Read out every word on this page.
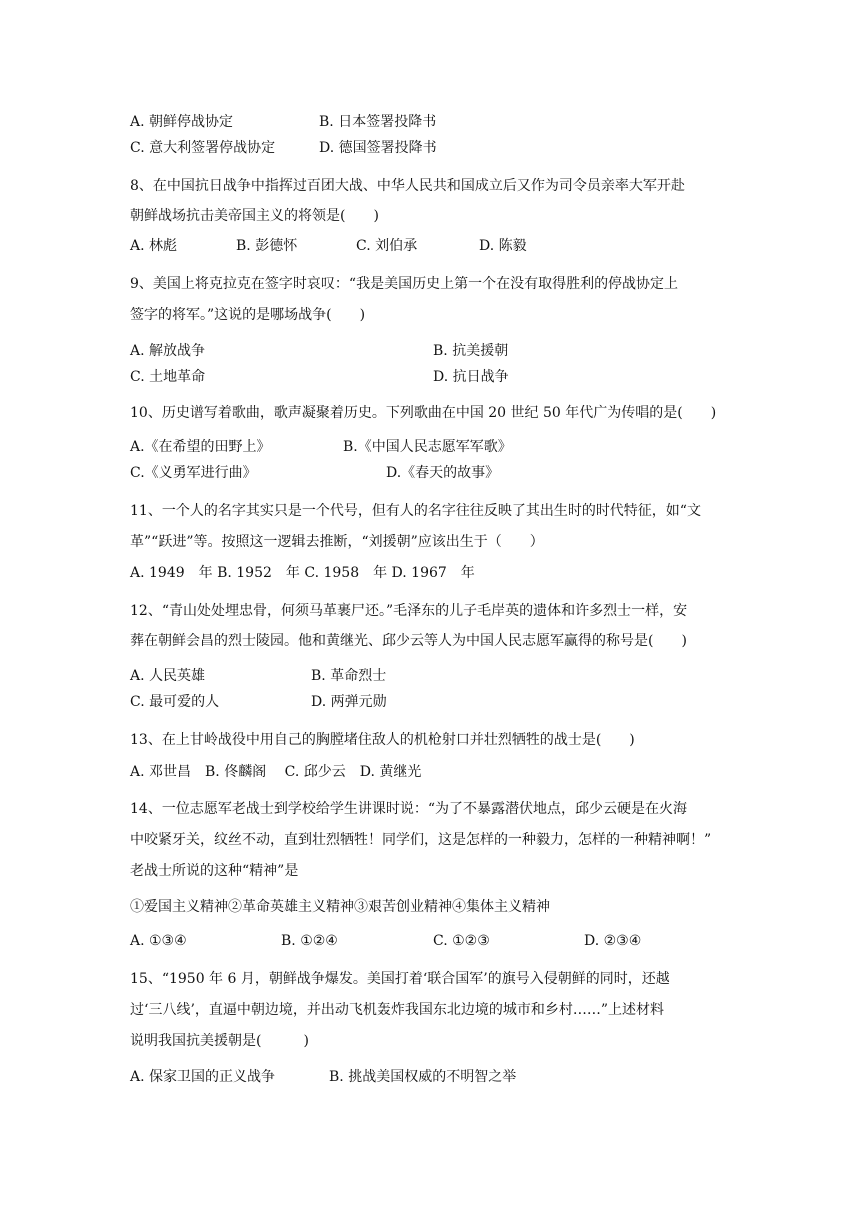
A. 朝鲜停战协定	B. 日本签署投降书
C. 意大利签署停战协定	D. 德国签署投降书
8、在中国抗日战争中指挥过百团大战、中华人民共和国成立后又作为司令员亲率大军开赴
朝鲜战场抗击美帝国主义的将领是(　　)
A. 林彪	B. 彭德怀	C. 刘伯承	D. 陈毅
9、美国上将克拉克在签字时哀叹：“我是美国历史上第一个在没有取得胜利的停战协定上
签字的将军。”这说的是哪场战争(　　)
A. 解放战争	B. 抗美援朝
C. 土地革命	D. 抗日战争
10、历史谱写着歌曲，歌声凝聚着历史。下列歌曲在中国 20 世纪 50 年代广为传唱的是(　　)
A.《在希望的田野上》	B.《中国人民志愿军军歌》
C.《义勇军进行曲》	D.《春天的故事》
11、一个人的名字其实只是一个代号，但有人的名字往往反映了其出生时的时代特征，如“文
革”“跃进”等。按照这一逻辑去推断，“刘援朝”应该出生于（　　）
A. 1949　年 B. 1952　年 C. 1958　年 D. 1967　年
12、“青山处处埋忠骨，何须马革裹尸还。”毛泽东的儿子毛岸英的遗体和许多烈士一样，安
葬在朝鲜会昌的烈士陵园。他和黄继光、邱少云等人为中国人民志愿军赢得的称号是(　　)
A. 人民英雄	B. 革命烈士
C. 最可爱的人	D. 两弹元勋
13、在上甘岭战役中用自己的胸膛堵住敌人的机枪射口并壮烈牺牲的战士是(　　)
A. 邓世昌　B. 佟麟阁　 C. 邱少云　D. 黄继光
14、一位志愿军老战士到学校给学生讲课时说：“为了不暴露潜伏地点，邱少云硬是在火海
中咬紧牙关，纹丝不动，直到壮烈牺牲！同学们，这是怎样的一种毅力，怎样的一种精神啊！”
老战士所说的这种“精神”是
①爱国主义精神②革命英雄主义精神③艰苦创业精神④集体主义精神
A. ①③④	B. ①②④	C. ①②③	D. ②③④
15、“1950 年 6 月，朝鲜战争爆发。美国打着‘联合国军’的旗号入侵朝鲜的同时，还越
过‘三八线’，直逼中朝边境，并出动飞机轰炸我国东北边境的城市和乡村……”上述材料
说明我国抗美援朝是(　　　)
A. 保家卫国的正义战争	B. 挑战美国权威的不明智之举
